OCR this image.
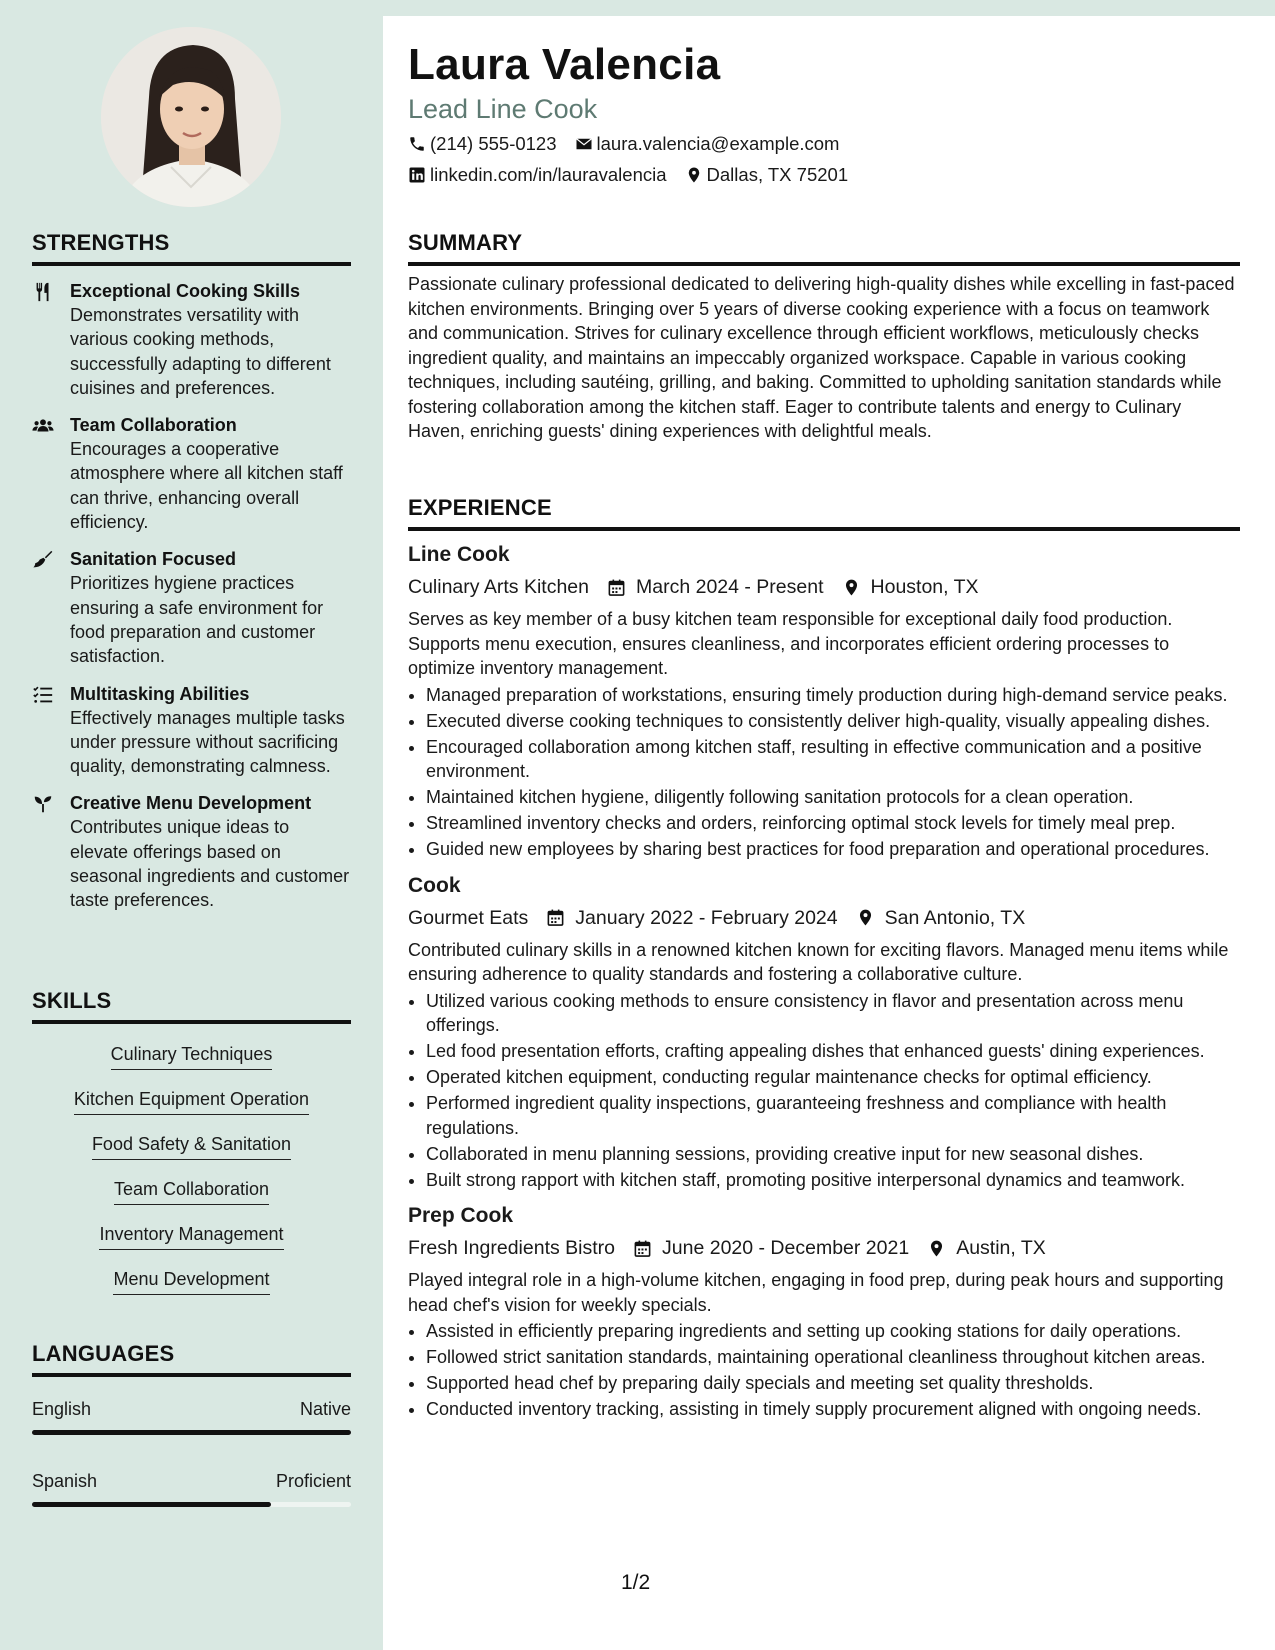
STRENGTHS
Exceptional Cooking Skills
Demonstrates versatility with various cooking methods, successfully adapting to different cuisines and preferences.
Team Collaboration
Encourages a cooperative atmosphere where all kitchen staff can thrive, enhancing overall efficiency.
Sanitation Focused
Prioritizes hygiene practices ensuring a safe environment for food preparation and customer satisfaction.
Multitasking Abilities
Effectively manages multiple tasks under pressure without sacrificing quality, demonstrating calmness.
Creative Menu Development
Contributes unique ideas to elevate offerings based on seasonal ingredients and customer taste preferences.
SKILLS
Culinary Techniques
Kitchen Equipment Operation
Food Safety & Sanitation
Team Collaboration
Inventory Management
Menu Development
LANGUAGES
English	Native
Spanish	Proficient
Laura Valencia
Lead Line Cook
(214) 555-0123 laura.valencia@example.com
linkedin.com/in/lauravalencia Dallas, TX 75201
SUMMARY

Passionate culinary professional dedicated to delivering high-quality dishes while excelling in fast-paced kitchen environments. Bringing over 5 years of diverse cooking experience with a focus on teamwork and communication. Strives for culinary excellence through efficient workflows, meticulously checks ingredient quality, and maintains an impeccably organized workspace. Capable in various cooking techniques, including sautéing, grilling, and baking. Committed to upholding sanitation standards while fostering collaboration among the kitchen staff. Eager to contribute talents and energy to Culinary Haven, enriching guests' dining experiences with delightful meals.

EXPERIENCE
Line Cook
Culinary Arts Kitchen March 2024 - Present Houston, TX

Serves as key member of a busy kitchen team responsible for exceptional daily food production. Supports menu execution, ensures cleanliness, and incorporates efficient ordering processes to optimize inventory management.

• Managed preparation of workstations, ensuring timely production during high-demand service peaks.
• Executed diverse cooking techniques to consistently deliver high-quality, visually appealing dishes.
• Encouraged collaboration among kitchen staff, resulting in effective communication and a positive environment.
• Maintained kitchen hygiene, diligently following sanitation protocols for a clean operation.
• Streamlined inventory checks and orders, reinforcing optimal stock levels for timely meal prep.
• Guided new employees by sharing best practices for food preparation and operational procedures.
Cook
Gourmet Eats January 2022 - February 2024 San Antonio, TX

Contributed culinary skills in a renowned kitchen known for exciting flavors. Managed menu items while ensuring adherence to quality standards and fostering a collaborative culture.

• Utilized various cooking methods to ensure consistency in flavor and presentation across menu offerings.
• Led food presentation efforts, crafting appealing dishes that enhanced guests' dining experiences.
• Operated kitchen equipment, conducting regular maintenance checks for optimal efficiency.
• Performed ingredient quality inspections, guaranteeing freshness and compliance with health regulations.
• Collaborated in menu planning sessions, providing creative input for new seasonal dishes.
• Built strong rapport with kitchen staff, promoting positive interpersonal dynamics and teamwork.
Prep Cook
Fresh Ingredients Bistro June 2020 - December 2021 Austin, TX

Played integral role in a high-volume kitchen, engaging in food prep, during peak hours and supporting head chef's vision for weekly specials.

• Assisted in efficiently preparing ingredients and setting up cooking stations for daily operations.
• Followed strict sanitation standards, maintaining operational cleanliness throughout kitchen areas.
• Supported head chef by preparing daily specials and meeting set quality thresholds.
• Conducted inventory tracking, assisting in timely supply procurement aligned with ongoing needs.
1/2
